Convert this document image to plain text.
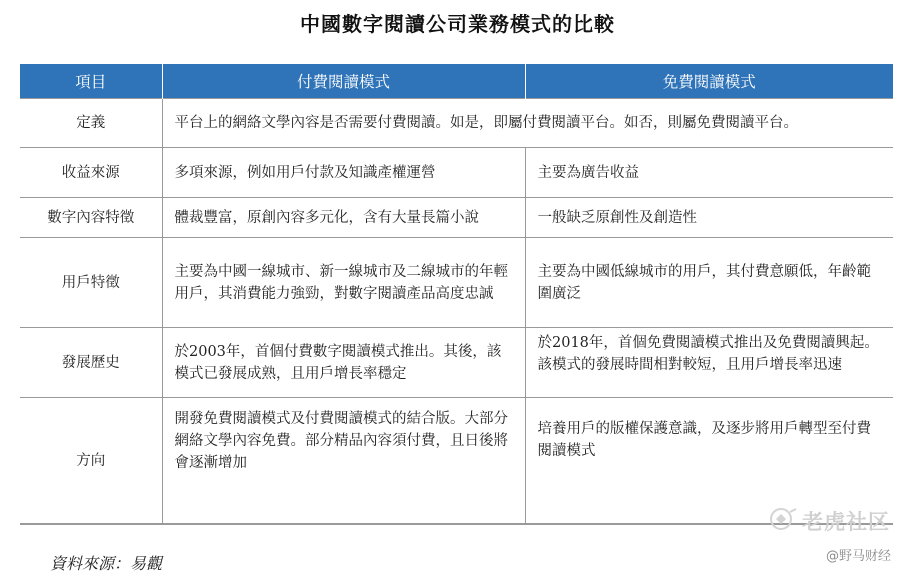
中國數字閱讀公司業務模式的比較
項目	付費閱讀模式	免費閱讀模式
定義	平台上的網絡文學內容是否需要付費閱讀。如是，即屬付費閱讀平台。如否，則屬免費閱讀平台。	
收益來源	多項來源，例如用戶付款及知識產權運營	主要為廣告收益
數字內容特徵	體裁豐富，原創內容多元化，含有大量長篇小說	一般缺乏原創性及創造性
用戶特徵	主要為中國一線城市、新一線城市及二線城市的年輕用戶，其消費能力強勁，對數字閱讀產品高度忠誠	主要為中國低線城市的用戶，其付費意願低，年齡範圍廣泛
發展歷史	於2003年，首個付費數字閱讀模式推出。其後，該模式已發展成熟，且用戶增長率穩定	於2018年，首個免費閱讀模式推出及免費閱讀興起。該模式的發展時間相對較短，且用戶增長率迅速
方向	開發免費閱讀模式及付費閱讀模式的結合版。大部分網絡文學內容免費。部分精品內容須付費，且日後將會逐漸增加	培養用戶的版權保護意識，及逐步將用戶轉型至付費閱讀模式
資料來源：易觀
老虎社区
@野马财经
